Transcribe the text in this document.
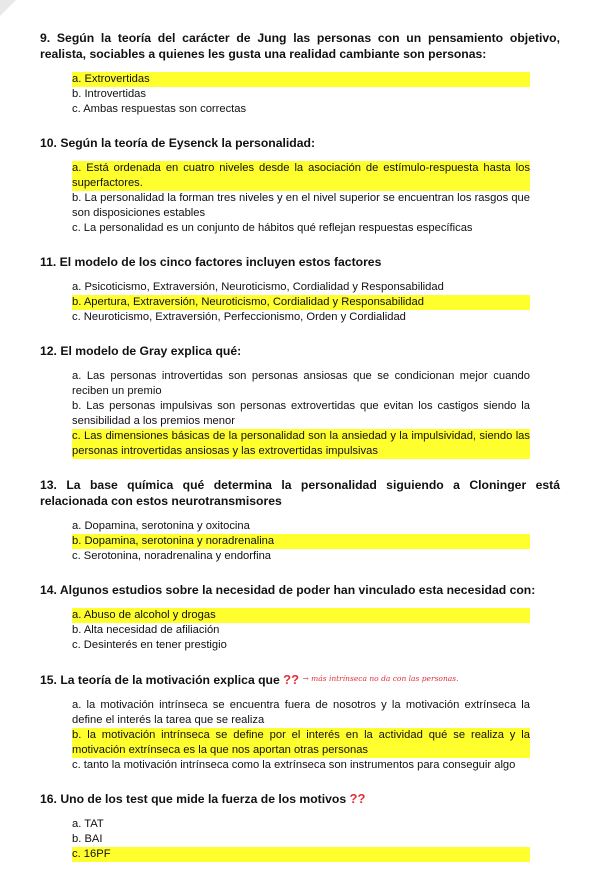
9. Según la teoría del carácter de Jung las personas con un pensamiento objetivo, realista, sociables a quienes les gusta una realidad cambiante son personas:

a. Extrovertidas

b. Introvertidas

c. Ambas respuestas son correctas

10. Según la teoría de Eysenck la personalidad:

a. Está ordenada en cuatro niveles desde la asociación de estímulo-respuesta hasta los superfactores.

b. La personalidad la forman tres niveles y en el nivel superior se encuentran los rasgos que son disposiciones estables

c. La personalidad es un conjunto de hábitos qué reflejan respuestas específicas

11. El modelo de los cinco factores incluyen estos factores

a. Psicoticismo, Extraversión, Neuroticismo, Cordialidad y Responsabilidad

b. Apertura, Extraversión, Neuroticismo, Cordialidad y Responsabilidad

c. Neuroticismo, Extraversión, Perfeccionismo, Orden y Cordialidad

12. El modelo de Gray explica qué:

a. Las personas introvertidas son personas ansiosas que se condicionan mejor cuando reciben un premio

b. Las personas impulsivas son personas extrovertidas que evitan los castigos siendo la sensibilidad a los premios menor

c. Las dimensiones básicas de la personalidad son la ansiedad y la impulsividad, siendo las personas introvertidas ansiosas y las extrovertidas impulsivas

13. La base química qué determina la personalidad siguiendo a Cloninger está relacionada con estos neurotransmisores

a. Dopamina, serotonina y oxitocina

b. Dopamina, serotonina y noradrenalina

c. Serotonina, noradrenalina y endorfina

14. Algunos estudios sobre la necesidad de poder han vinculado esta necesidad con:

a. Abuso de alcohol y drogas

b. Alta necesidad de afiliación

c. Desinterés en tener prestigio

15. La teoría de la motivación explica que ?? $^{\to más intrínseca no da con las personas.}$

a. la motivación intrínseca se encuentra fuera de nosotros y la motivación extrínseca la define el interés la tarea que se realiza

b. la motivación intrínseca se define por el interés en la actividad qué se realiza y la motivación extrínseca es la que nos aportan otras personas

c. tanto la motivación intrínseca como la extrínseca son instrumentos para conseguir algo

16. Uno de los test que mide la fuerza de los motivos ??

a. TAT

b. BAI

c. 16PF
